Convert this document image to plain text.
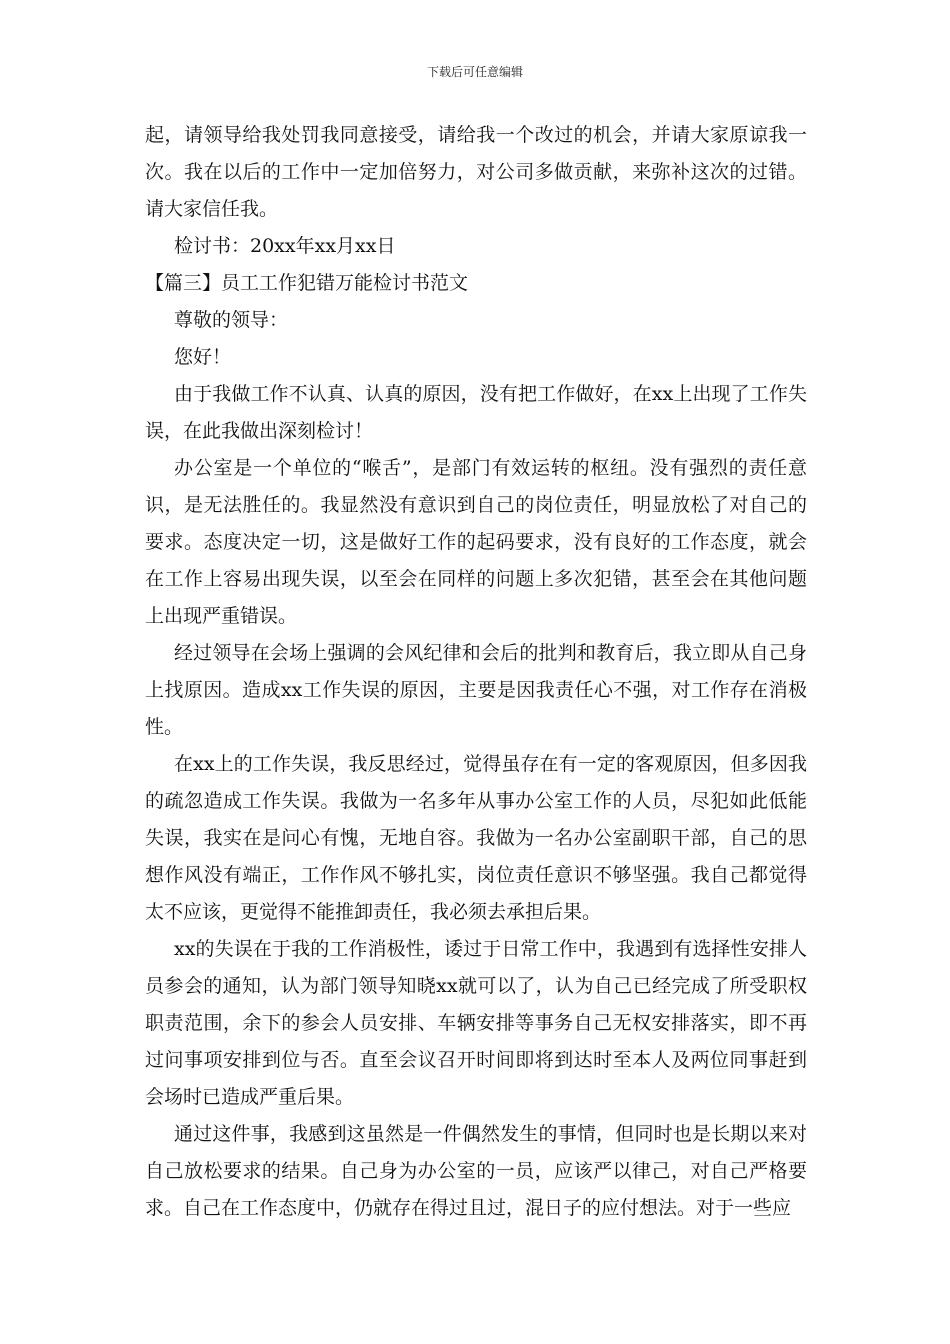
下载后可任意编辑

起，请领导给我处罚我同意接受，请给我一个改过的机会，并请大家原谅我一次。我在以后的工作中一定加倍努力，对公司多做贡献，来弥补这次的过错。请大家信任我。

检讨书：20xx年xx月xx日

【篇三】员工工作犯错万能检讨书范文

尊敬的领导：

您好！

由于我做工作不认真、认真的原因，没有把工作做好，在xx上出现了工作失误，在此我做出深刻检讨！

办公室是一个单位的“喉舌”，是部门有效运转的枢纽。没有强烈的责任意识，是无法胜任的。我显然没有意识到自己的岗位责任，明显放松了对自己的要求。态度决定一切，这是做好工作的起码要求，没有良好的工作态度，就会在工作上容易出现失误，以至会在同样的问题上多次犯错，甚至会在其他问题上出现严重错误。

经过领导在会场上强调的会风纪律和会后的批判和教育后，我立即从自己身上找原因。造成xx工作失误的原因，主要是因我责任心不强，对工作存在消极性。

在xx上的工作失误，我反思经过，觉得虽存在有一定的客观原因，但多因我的疏忽造成工作失误。我做为一名多年从事办公室工作的人员，尽犯如此低能失误，我实在是问心有愧，无地自容。我做为一名办公室副职干部，自己的思想作风没有端正，工作作风不够扎实，岗位责任意识不够坚强。我自己都觉得太不应该，更觉得不能推卸责任，我必须去承担后果。

xx的失误在于我的工作消极性，诿过于日常工作中，我遇到有选择性安排人员参会的通知，认为部门领导知晓xx就可以了，认为自己已经完成了所受职权职责范围，余下的参会人员安排、车辆安排等事务自己无权安排落实，即不再过问事项安排到位与否。直至会议召开时间即将到达时至本人及两位同事赶到会场时已造成严重后果。

通过这件事，我感到这虽然是一件偶然发生的事情，但同时也是长期以来对自己放松要求的结果。自己身为办公室的一员，应该严以律己，对自己严格要求。自己在工作态度中，仍就存在得过且过，混日子的应付想法。对于一些应
